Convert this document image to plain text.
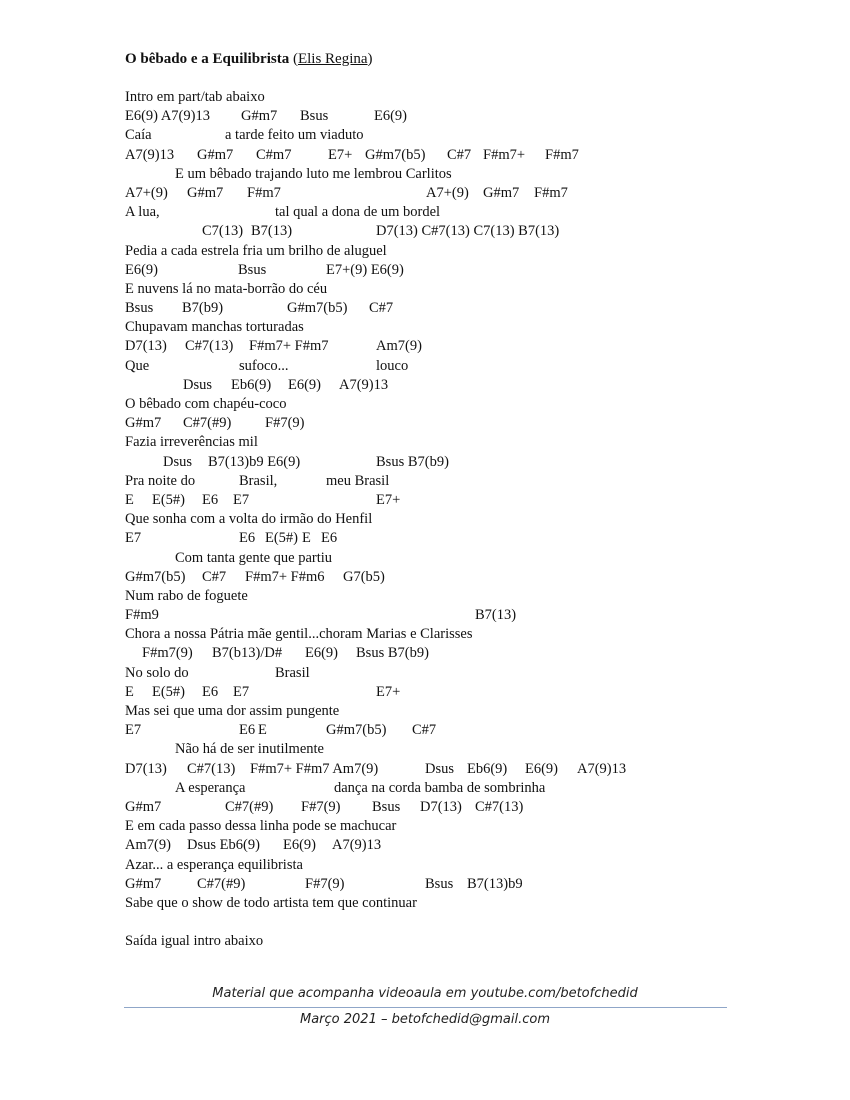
O bêbado e a Equilibrista (Elis Regina)
Intro em part/tab abaixo
E6(9) A7(9)13 G#m7 Bsus	E6(9)
Caía	a tarde feito um viaduto
A7(9)13 G#m7 C#m7	E7+ G#m7(b5) C#7 F#m7+ F#m7
E um bêbado trajando luto me lembrou Carlitos
A7+(9) G#m7 F#m7	A7+(9) G#m7 F#m7
A lua,	tal qual a dona de um bordel
C7(13) B7(13)	D7(13) C#7(13) C7(13) B7(13)
Pedia a cada estrela fria um brilho de aluguel
E6(9)	Bsus	E7+(9) E6(9)
E nuvens lá no mata-borrão do céu
Bsus B7(b9)	G#m7(b5) C#7
Chupavam manchas torturadas
D7(13) C#7(13) F#m7+ F#m7	Am7(9)
Que	sufoco...	louco
Dsus Eb6(9) E6(9) A7(9)13
O bêbado com chapéu-coco
G#m7 C#7(#9) F#7(9)
Fazia irreverências mil
Dsus B7(13)b9 E6(9)	Bsus B7(b9)
Pra noite do	Brasil,	meu Brasil
E E(5#) E6 E7	E7+
Que sonha com a volta do irmão do Henfil
E7	E6 E(5#) E E6
Com tanta gente que partiu
G#m7(b5) C#7 F#m7+ F#m6 G7(b5)
Num rabo de foguete
F#m9	B7(13)
Chora a nossa Pátria mãe gentil...choram Marias e Clarisses
F#m7(9) B7(b13)/D# E6(9) Bsus B7(b9)
No solo do	Brasil
E E(5#) E6 E7	E7+
Mas sei que uma dor assim pungente
E7	E6 E	G#m7(b5) C#7
Não há de ser inutilmente
D7(13) C#7(13) F#m7+ F#m7 Am7(9)	Dsus Eb6(9) E6(9) A7(9)13
A esperança	dança na corda bamba de sombrinha
G#m7	C#7(#9) F#7(9) Bsus D7(13) C#7(13)
E em cada passo dessa linha pode se machucar
Am7(9) Dsus Eb6(9) E6(9) A7(9)13
Azar... a esperança equilibrista
G#m7 C#7(#9)	F#7(9)	Bsus B7(13)b9
Sabe que o show de todo artista tem que continuar
Saída igual intro abaixo
Material que acompanha videoaula em youtube.com/betofchedid
Março 2021 – betofchedid@gmail.com
